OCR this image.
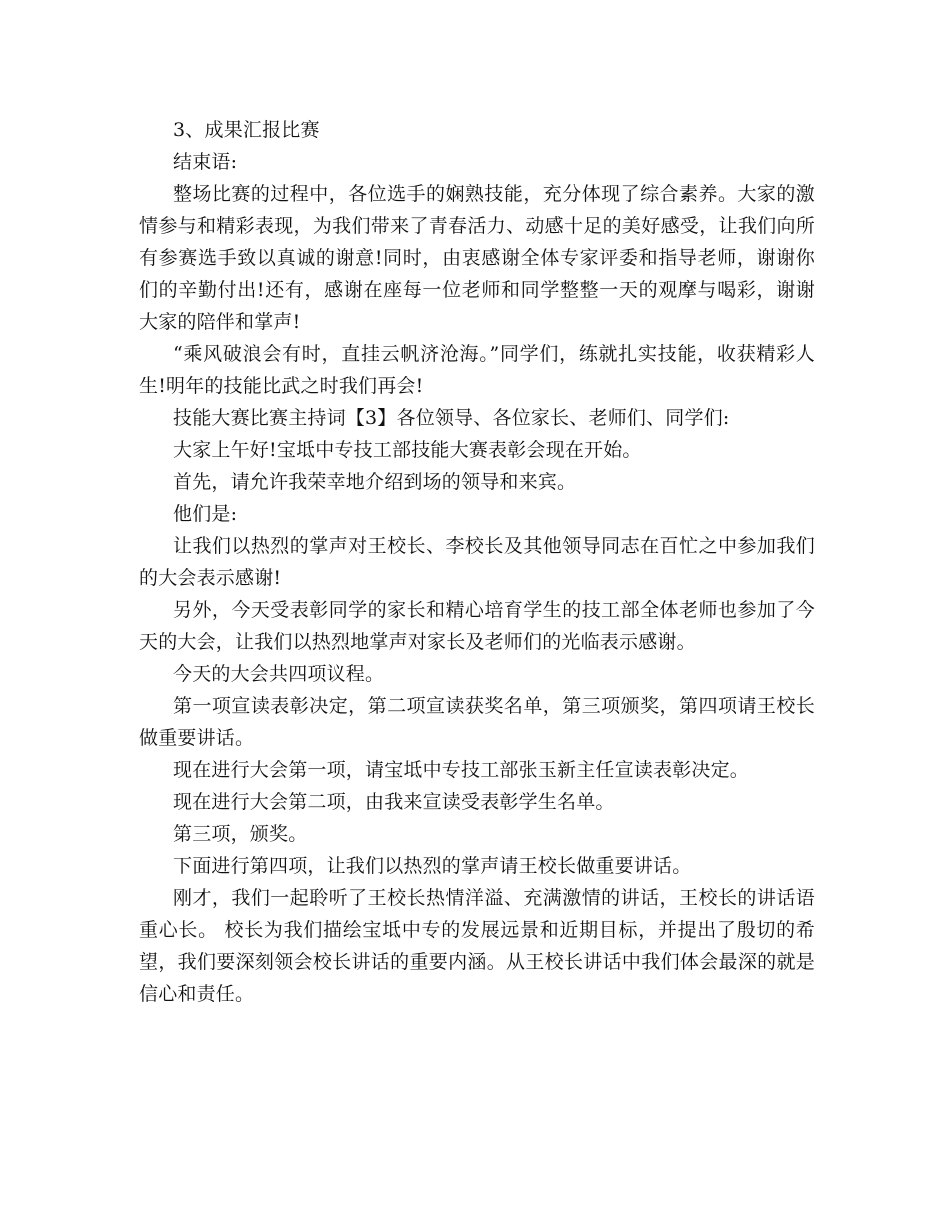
3、成果汇报比赛

结束语:

整场比赛的过程中，各位选手的娴熟技能，充分体现了综合素养。大家的激情参与和精彩表现，为我们带来了青春活力、动感十足的美好感受，让我们向所有参赛选手致以真诚的谢意!同时，由衷感谢全体专家评委和指导老师，谢谢你们的辛勤付出!还有，感谢在座每一位老师和同学整整一天的观摩与喝彩，谢谢大家的陪伴和掌声!

“乘风破浪会有时，直挂云帆济沧海。”同学们，练就扎实技能，收获精彩人生!明年的技能比武之时我们再会!

技能大赛比赛主持词【3】各位领导、各位家长、老师们、同学们:

大家上午好!宝坻中专技工部技能大赛表彰会现在开始。

首先，请允许我荣幸地介绍到场的领导和来宾。

他们是:

让我们以热烈的掌声对王校长、李校长及其他领导同志在百忙之中参加我们的大会表示感谢!

另外，今天受表彰同学的家长和精心培育学生的技工部全体老师也参加了今天的大会，让我们以热烈地掌声对家长及老师们的光临表示感谢。

今天的大会共四项议程。

第一项宣读表彰决定，第二项宣读获奖名单，第三项颁奖，第四项请王校长做重要讲话。

现在进行大会第一项，请宝坻中专技工部张玉新主任宣读表彰决定。

现在进行大会第二项，由我来宣读受表彰学生名单。

第三项，颁奖。

下面进行第四项，让我们以热烈的掌声请王校长做重要讲话。

刚才，我们一起聆听了王校长热情洋溢、充满激情的讲话，王校长的讲话语重心长。 校长为我们描绘宝坻中专的发展远景和近期目标，并提出了殷切的希望，我们要深刻领会校长讲话的重要内涵。从王校长讲话中我们体会最深的就是信心和责任。
